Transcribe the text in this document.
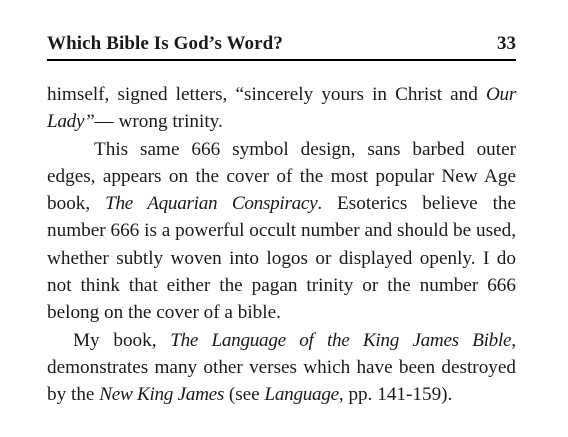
Which Bible Is God’s Word?	33

himself, signed letters, “sincerely yours in Christ and Our Lady”— wrong trinity.

This same 666 symbol design, sans barbed outer edges, appears on the cover of the most popular New Age book, The Aquarian Conspiracy. Esoterics believe the number 666 is a powerful occult number and should be used, whether subtly woven into logos or displayed openly. I do not think that either the pagan trinity or the number 666 belong on the cover of a bible.

My book, The Language of the King James Bible, demonstrates many other verses which have been destroyed by the New King James (see Language, pp. 141-159).
